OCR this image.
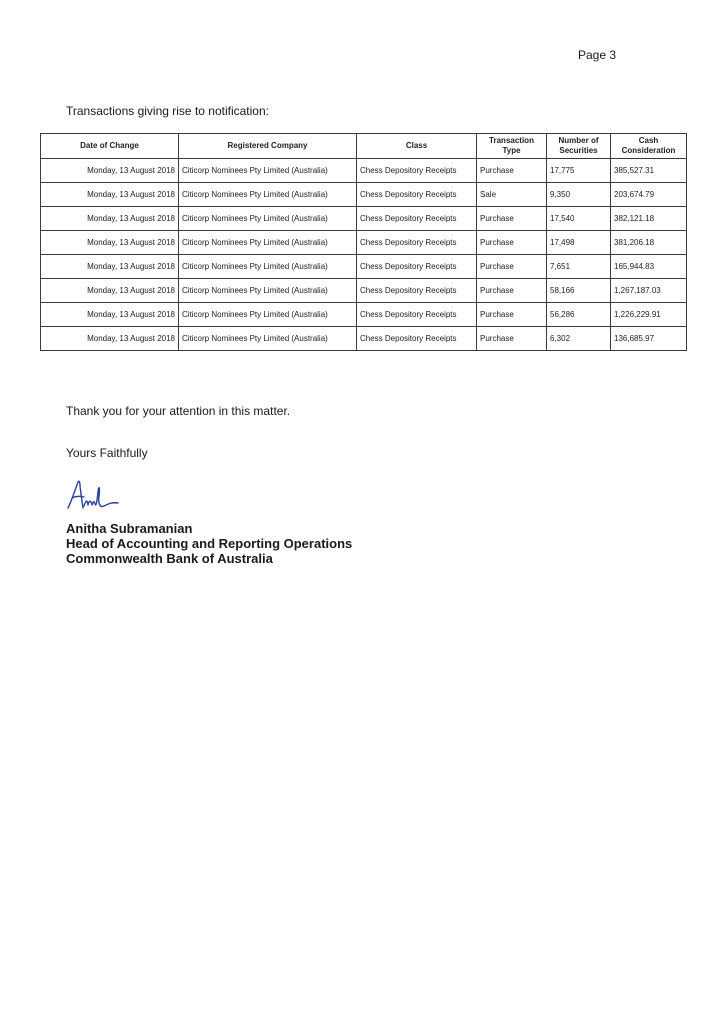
Page 3
Transactions giving rise to notification:
Date of Change	Registered Company	Class	Transaction Type	Number of Securities	Cash Consideration
Monday, 13 August 2018	Citicorp Nominees Pty Limited (Australia)	Chess Depository Receipts	Purchase	17,775	385,527.31
Monday, 13 August 2018	Citicorp Nominees Pty Limited (Australia)	Chess Depository Receipts	Sale	9,350	203,674.79
Monday, 13 August 2018	Citicorp Nominees Pty Limited (Australia)	Chess Depository Receipts	Purchase	17,540	382,121.18
Monday, 13 August 2018	Citicorp Nominees Pty Limited (Australia)	Chess Depository Receipts	Purchase	17,498	381,206.18
Monday, 13 August 2018	Citicorp Nominees Pty Limited (Australia)	Chess Depository Receipts	Purchase	7,651	165,944.83
Monday, 13 August 2018	Citicorp Nominees Pty Limited (Australia)	Chess Depository Receipts	Purchase	58,166	1,267,187.03
Monday, 13 August 2018	Citicorp Nominees Pty Limited (Australia)	Chess Depository Receipts	Purchase	56,286	1,226,229.91
Monday, 13 August 2018	Citicorp Nominees Pty Limited (Australia)	Chess Depository Receipts	Purchase	6,302	136,685.97
Thank you for your attention in this matter.
Yours Faithfully
Anitha Subramanian
Head of Accounting and Reporting Operations
Commonwealth Bank of Australia
